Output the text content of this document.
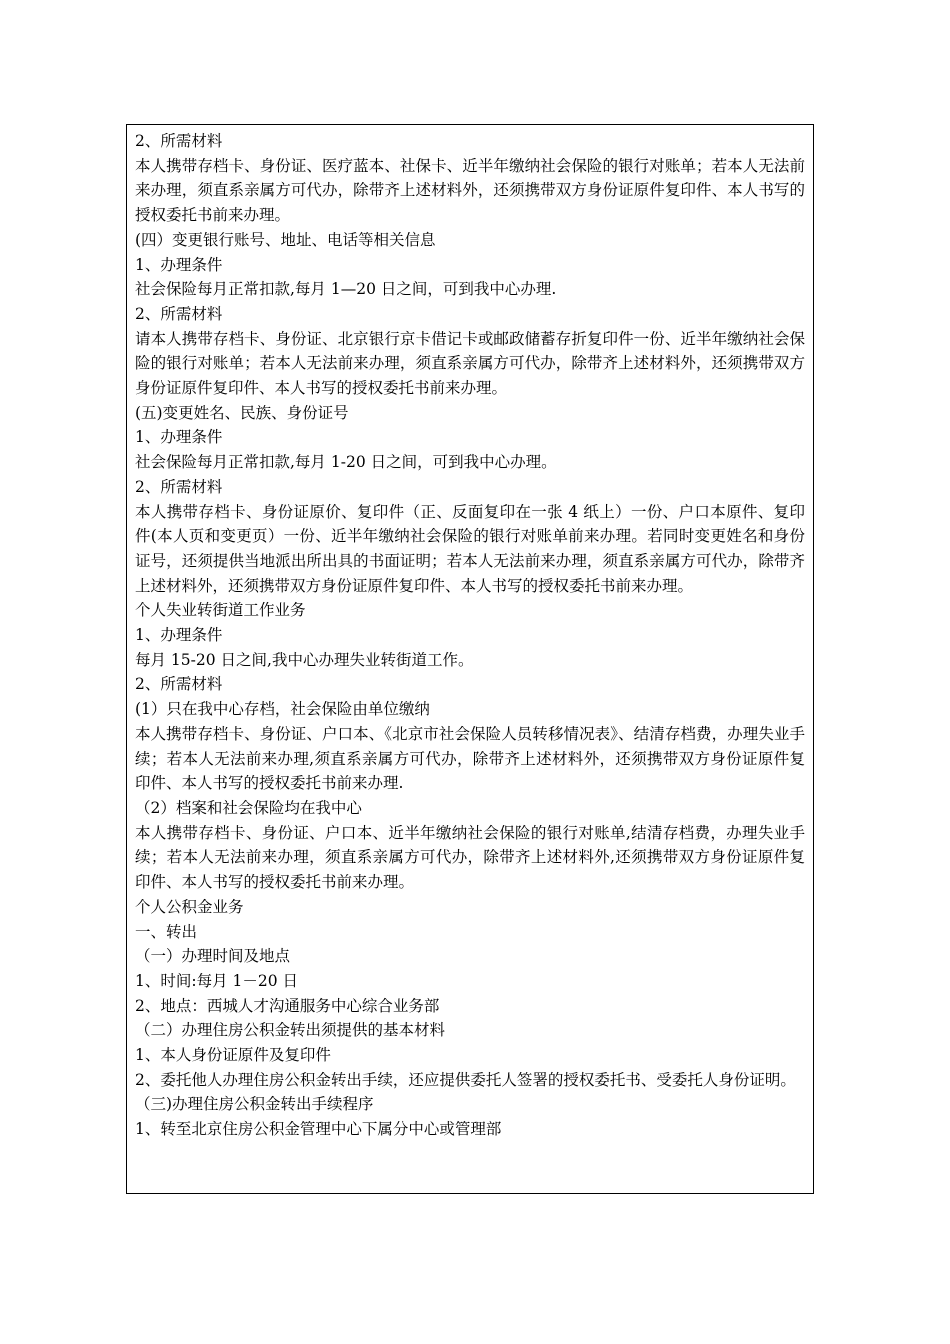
2、所需材料

本人携带存档卡、身份证、医疗蓝本、社保卡、近半年缴纳社会保险的银行对账单；若本人无法前来办理，须直系亲属方可代办，除带齐上述材料外，还须携带双方身份证原件复印件、本人书写的授权委托书前来办理。

(四）变更银行账号、地址、电话等相关信息

1、办理条件

社会保险每月正常扣款,每月 1—20 日之间，可到我中心办理.

2、所需材料

请本人携带存档卡、身份证、北京银行京卡借记卡或邮政储蓄存折复印件一份、近半年缴纳社会保险的银行对账单；若本人无法前来办理，须直系亲属方可代办，除带齐上述材料外，还须携带双方身份证原件复印件、本人书写的授权委托书前来办理。

(五)变更姓名、民族、身份证号

1、办理条件

社会保险每月正常扣款,每月 1-20 日之间，可到我中心办理。

2、所需材料

本人携带存档卡、身份证原价、复印件（正、反面复印在一张 4 纸上）一份、户口本原件、复印件(本人页和变更页）一份、近半年缴纳社会保险的银行对账单前来办理。若同时变更姓名和身份证号，还须提供当地派出所出具的书面证明；若本人无法前来办理，须直系亲属方可代办，除带齐上述材料外，还须携带双方身份证原件复印件、本人书写的授权委托书前来办理。

个人失业转街道工作业务

1、办理条件

每月 15-20 日之间,我中心办理失业转街道工作。

2、所需材料

(1）只在我中心存档，社会保险由单位缴纳

本人携带存档卡、身份证、户口本、《北京市社会保险人员转移情况表》、结清存档费，办理失业手续；若本人无法前来办理,须直系亲属方可代办，除带齐上述材料外，还须携带双方身份证原件复印件、本人书写的授权委托书前来办理.

（2）档案和社会保险均在我中心

本人携带存档卡、身份证、户口本、近半年缴纳社会保险的银行对账单,结清存档费，办理失业手续；若本人无法前来办理，须直系亲属方可代办，除带齐上述材料外,还须携带双方身份证原件复印件、本人书写的授权委托书前来办理。

个人公积金业务

一、转出

（一）办理时间及地点

1、时间:每月 1－20 日

2、地点：西城人才沟通服务中心综合业务部

（二）办理住房公积金转出须提供的基本材料

1、本人身份证原件及复印件

2、委托他人办理住房公积金转出手续，还应提供委托人签署的授权委托书、受委托人身份证明。

（三)办理住房公积金转出手续程序

1、转至北京住房公积金管理中心下属分中心或管理部
